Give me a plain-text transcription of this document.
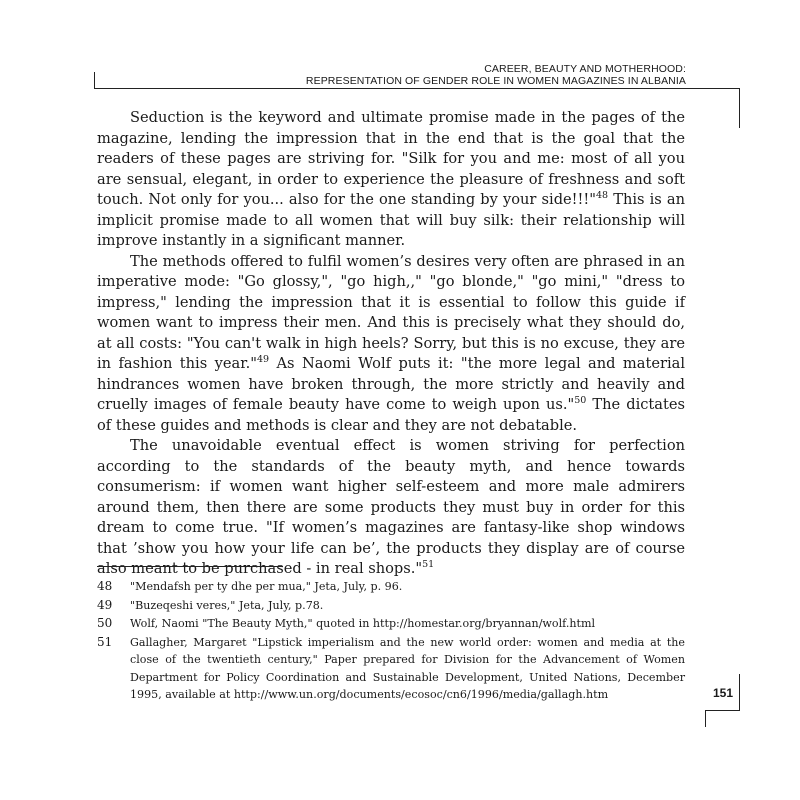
CAREER, BEAUTY AND MOTHERHOOD:
REPRESENTATION OF GENDER ROLE IN WOMEN MAGAZINES IN ALBANIA

Seduction is the keyword and ultimate promise made in the pages of the magazine, lending the impression that in the end that is the goal that the readers of these pages are striving for. "Silk for you and me: most of all you are sensual, elegant, in order to experience the pleasure of freshness and soft touch. Not only for you... also for the one standing by your side!!!"$^{48}$ This is an implicit promise made to all women that will buy silk: their relationship will improve instantly in a significant manner.

The methods offered to fulfil women’s desires very often are phrased in an imperative mode: "Go glossy,", "go high,," "go blonde," "go mini," "dress to impress," lending the impression that it is essential to follow this guide if women want to impress their men. And this is precisely what they should do, at all costs: "You can't walk in high heels? Sorry, but this is no excuse, they are in fashion this year."$^{49}$ As Naomi Wolf puts it: "the more legal and material hindrances women have broken through, the more strictly and heavily and cruelly images of female beauty have come to weigh upon us."$^{50}$ The dictates of these guides and methods is clear and they are not debatable.

The unavoidable eventual effect is women striving for perfection according to the standards of the beauty myth, and hence towards consumerism: if women want higher self-esteem and more male admirers around them, then there are some products they must buy in order for this dream to come true. "If women’s magazines are fantasy-like shop windows that ’show you how your life can be’, the products they display are of course also meant to be purchased - in real shops."$^{51}$

48	"Mendafsh per ty dhe per mua," Jeta, July, p. 96.
49	"Buzeqeshi veres," Jeta, July, p.78.
50	Wolf, Naomi "The Beauty Myth," quoted in http://homestar.org/bryannan/wolf.html
51	Gallagher, Margaret "Lipstick imperialism and the new world order: women and media at the close of the twentieth century," Paper prepared for Division for the Advancement of Women Department for Policy Coordination and Sustainable Development, United Nations, December 1995, available at http://www.un.org/documents/ecosoc/cn6/1996/media/gallagh.htm	151
